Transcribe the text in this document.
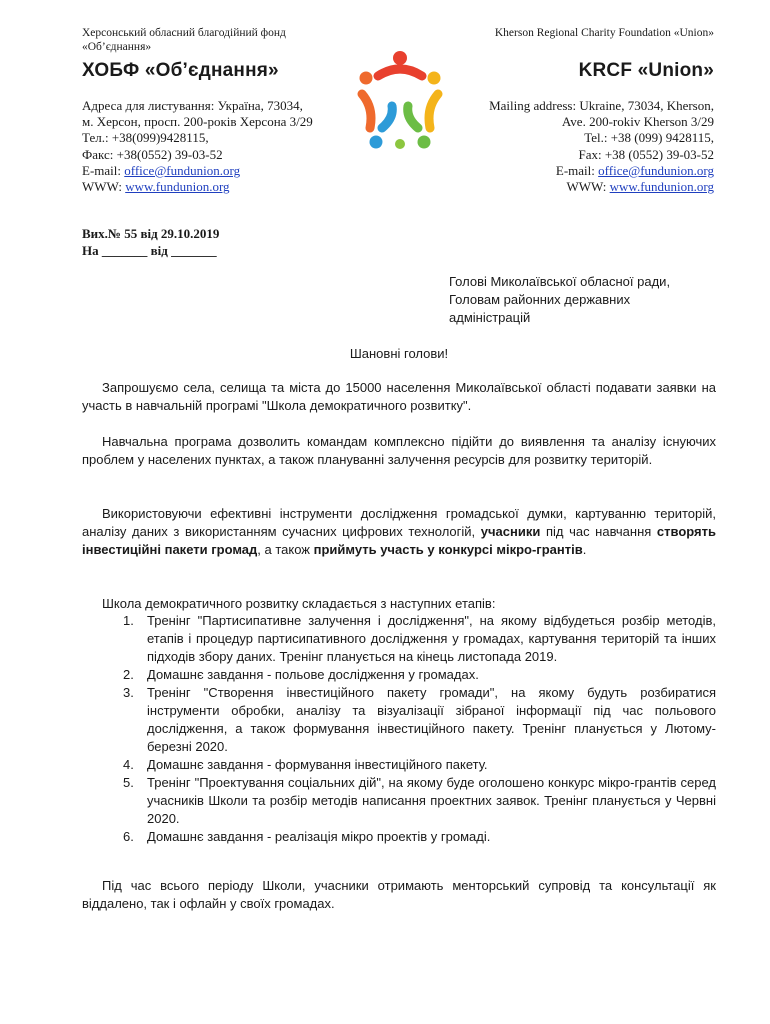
Херсонський обласний благодійний фонд «Об’єднання»
ХОБФ «Об’єднання»
Адреса для листування: Україна, 73034,
м. Херсон, просп. 200-років Херсона 3/29
Тел.: +38(099)9428115,
Факс: +38(0552) 39-03-52
E-mail: office@fundunion.org
WWW: www.fundunion.org
Kherson Regional Charity Foundation «Union»
KRCF «Union»
Mailing address: Ukraine, 73034, Kherson,
Ave. 200-rokiv Kherson 3/29
Tel.: +38 (099) 9428115,
Fax: +38 (0552) 39-03-52
E-mail: office@fundunion.org
WWW: www.fundunion.org
Вих.№ 55 від 29.10.2019
На _______ від _______
Голові Миколаївської обласної ради,
Головам районних державних
адміністрацій
Шановні голови!
Запрошуємо села, селища та міста до 15000 населення Миколаївської області подавати заявки на участь в навчальній програмі "Школа демократичного розвитку".
Навчальна програма дозволить командам комплексно підійти до виявлення та аналізу існуючих проблем у населених пунктах, а також плануванні залучення ресурсів для розвитку територій.
Використовуючи ефективні інструменти дослідження громадської думки, картуванню територій, аналізу даних з використанням сучасних цифрових технологій, учасники під час навчання створять інвестиційні пакети громад, а також приймуть участь у конкурсі мікро-грантів.
Школа демократичного розвитку складається з наступних етапів:
1. Тренінг "Партисипативне залучення і дослідження", на якому відбудеться розбір методів, етапів і процедур партисипативного дослідження у громадах, картування територій та інших підходів збору даних. Тренінг планується на кінець листопада 2019.
2. Домашнє завдання - польове дослідження у громадах.
3. Тренінг "Створення інвестиційного пакету громади", на якому будуть розбиратися інструменти обробки, аналізу та візуалізації зібраної інформації під час польового дослідження, а також формування інвестиційного пакету. Тренінг планується у Лютому-березні 2020.
4. Домашнє завдання - формування інвестиційного пакету.
5. Тренінг "Проектування соціальних дій", на якому буде оголошено конкурс мікро-грантів серед учасників Школи та розбір методів написання проектних заявок. Тренінг планується у Червні 2020.
6. Домашнє завдання - реалізація мікро проектів у громаді.
Під час всього періоду Школи, учасники отримають менторський супровід та консультації як віддалено, так і офлайн у своїх громадах.
